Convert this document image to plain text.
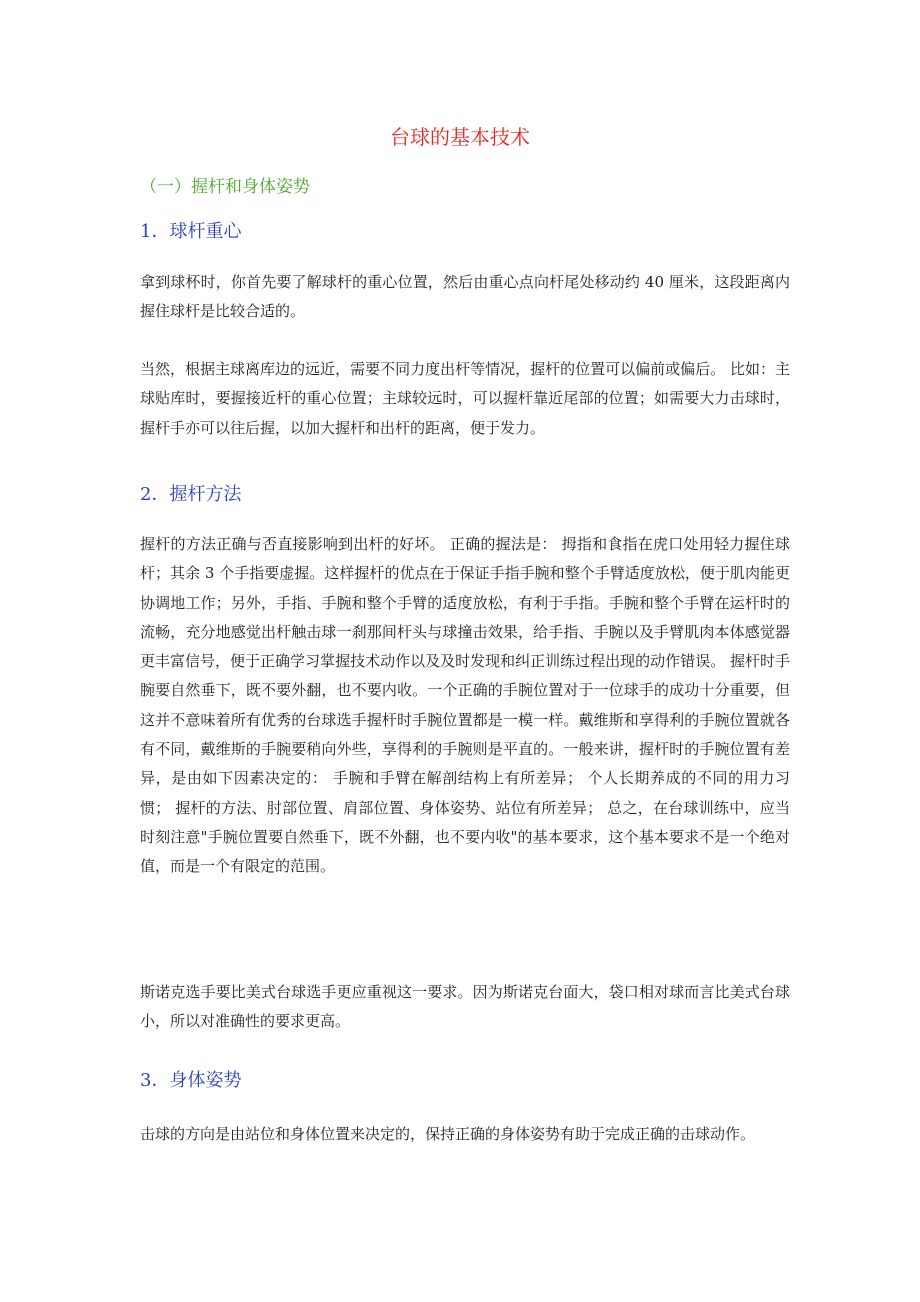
台球的基本技术
（一）握杆和身体姿势
1．球杆重心
拿到球杯时，你首先要了解球杆的重心位置，然后由重心点向杆尾处移动约 40 厘米，这段距离内握住球杆是比较合适的。
当然，根据主球离库边的远近，需要不同力度出杆等情况，握杆的位置可以偏前或偏后。 比如：主球贴库时，要握接近杆的重心位置；主球较远时，可以握杆靠近尾部的位置；如需要大力击球时，握杆手亦可以往后握，以加大握杆和出杆的距离，便于发力。
2．握杆方法
握杆的方法正确与否直接影响到出杆的好坏。 正确的握法是： 拇指和食指在虎口处用轻力握住球杆；其余 3 个手指要虚握。这样握杆的优点在于保证手指手腕和整个手臂适度放松，便于肌肉能更协调地工作；另外，手指、手腕和整个手臂的适度放松，有利于手指。手腕和整个手臂在运杆时的流畅，充分地感觉出杆触击球一刹那间杆头与球撞击效果，给手指、手腕以及手臂肌肉本体感觉器更丰富信号，便于正确学习掌握技术动作以及及时发现和纠正训练过程出现的动作错误。 握杆时手腕要自然垂下，既不要外翻，也不要内收。一个正确的手腕位置对于一位球手的成功十分重要，但这并不意味着所有优秀的台球选手握杆时手腕位置都是一模一样。戴维斯和享得利的手腕位置就各有不同，戴维斯的手腕要稍向外些，享得利的手腕则是平直的。一般来讲，握杆时的手腕位置有差异，是由如下因素决定的： 手腕和手臂在解剖结构上有所差异； 个人长期养成的不同的用力习惯； 握杆的方法、肘部位置、肩部位置、身体姿势、站位有所差异； 总之，在台球训练中，应当时刻注意"手腕位置要自然垂下，既不外翻，也不要内收"的基本要求，这个基本要求不是一个绝对值，而是一个有限定的范围。
斯诺克选手要比美式台球选手更应重视这一要求。因为斯诺克台面大，袋口相对球而言比美式台球小，所以对准确性的要求更高。
3．身体姿势
击球的方向是由站位和身体位置来决定的，保持正确的身体姿势有助于完成正确的击球动作。
